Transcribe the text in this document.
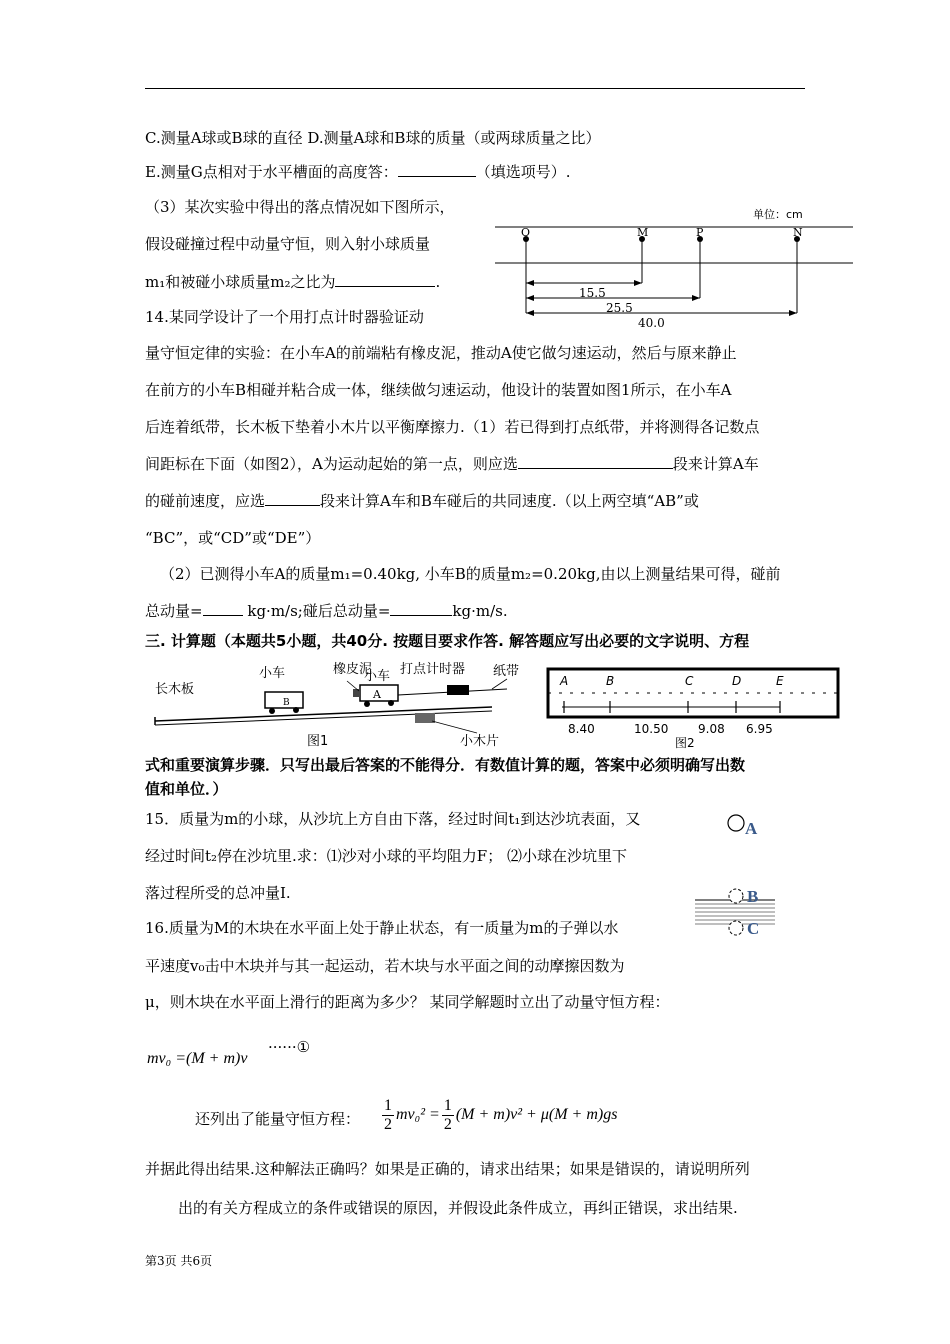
C.测量A球或B球的直径 D.测量A球和B球的质量（或两球质量之比）
E.测量G点相对于水平槽面的高度答：	（填选项号）.
（3）某次实验中得出的落点情况如下图所示，
假设碰撞过程中动量守恒，则入射小球质量
m₁和被碰小球质量m₂之比为	.
单位：cm
O	M	P	N
15.5
25.5
40.0
14.某同学设计了一个用打点计时器验证动
量守恒定律的实验：在小车A的前端粘有橡皮泥，推动A使它做匀速运动，然后与原来静止
在前方的小车B相碰并粘合成一体，继续做匀速运动，他设计的装置如图1所示，在小车A
后连着纸带，长木板下垫着小木片以平衡摩擦力.（1）若已得到打点纸带，并将测得各记数点
间距标在下面（如图2），A为运动起始的第一点，则应选	段来计算A车
的碰前速度，应选	段来计算A车和B车碰后的共同速度.（以上两空填“AB”或
“BC”，或“CD”或“DE”）
（2）已测得小车A的质量m₁=0.40kg, 小车B的质量m₂=0.20kg,由以上测量结果可得，碰前
总动量=	kg·m/s;碰后总动量=	kg·m/s.
三. 计算题（本题共5小题，共40分. 按题目要求作答. 解答题应写出必要的文字说明、方程
长木板
小车	橡皮泥
小车 打点计时器 纸带
小木片
图1
B
A
A	B	C	D	E
8.40	10.50 9.08 6.95
图2
式和重要演算步骤．只写出最后答案的不能得分．有数值计算的题，答案中必须明确写出数
值和单位．）
15．质量为m的小球，从沙坑上方自由下落，经过时间t₁到达沙坑表面，又
经过时间t₂停在沙坑里.求：⑴沙对小球的平均阻力F； ⑵小球在沙坑里下
落过程所受的总冲量I.
A
B
C
16.质量为M的木块在水平面上处于静止状态，有一质量为m的子弹以水
平速度v₀击中木块并与其一起运动，若木块与水平面之间的动摩擦因数为
μ，则木块在水平面上滑行的距离为多少？ 某同学解题时立出了动量守恒方程：
mv₀ =(M + m)v
······①
还列出了能量守恒方程： $\frac{1}{2} mv_0^2 = \frac{1}{2} (M + m)v^2 + \mu(M + m)gs$
并据此得出结果.这种解法正确吗？如果是正确的，请求出结果；如果是错误的，请说明所列
出的有关方程成立的条件或错误的原因，并假设此条件成立，再纠正错误，求出结果.
第3页 共6页
